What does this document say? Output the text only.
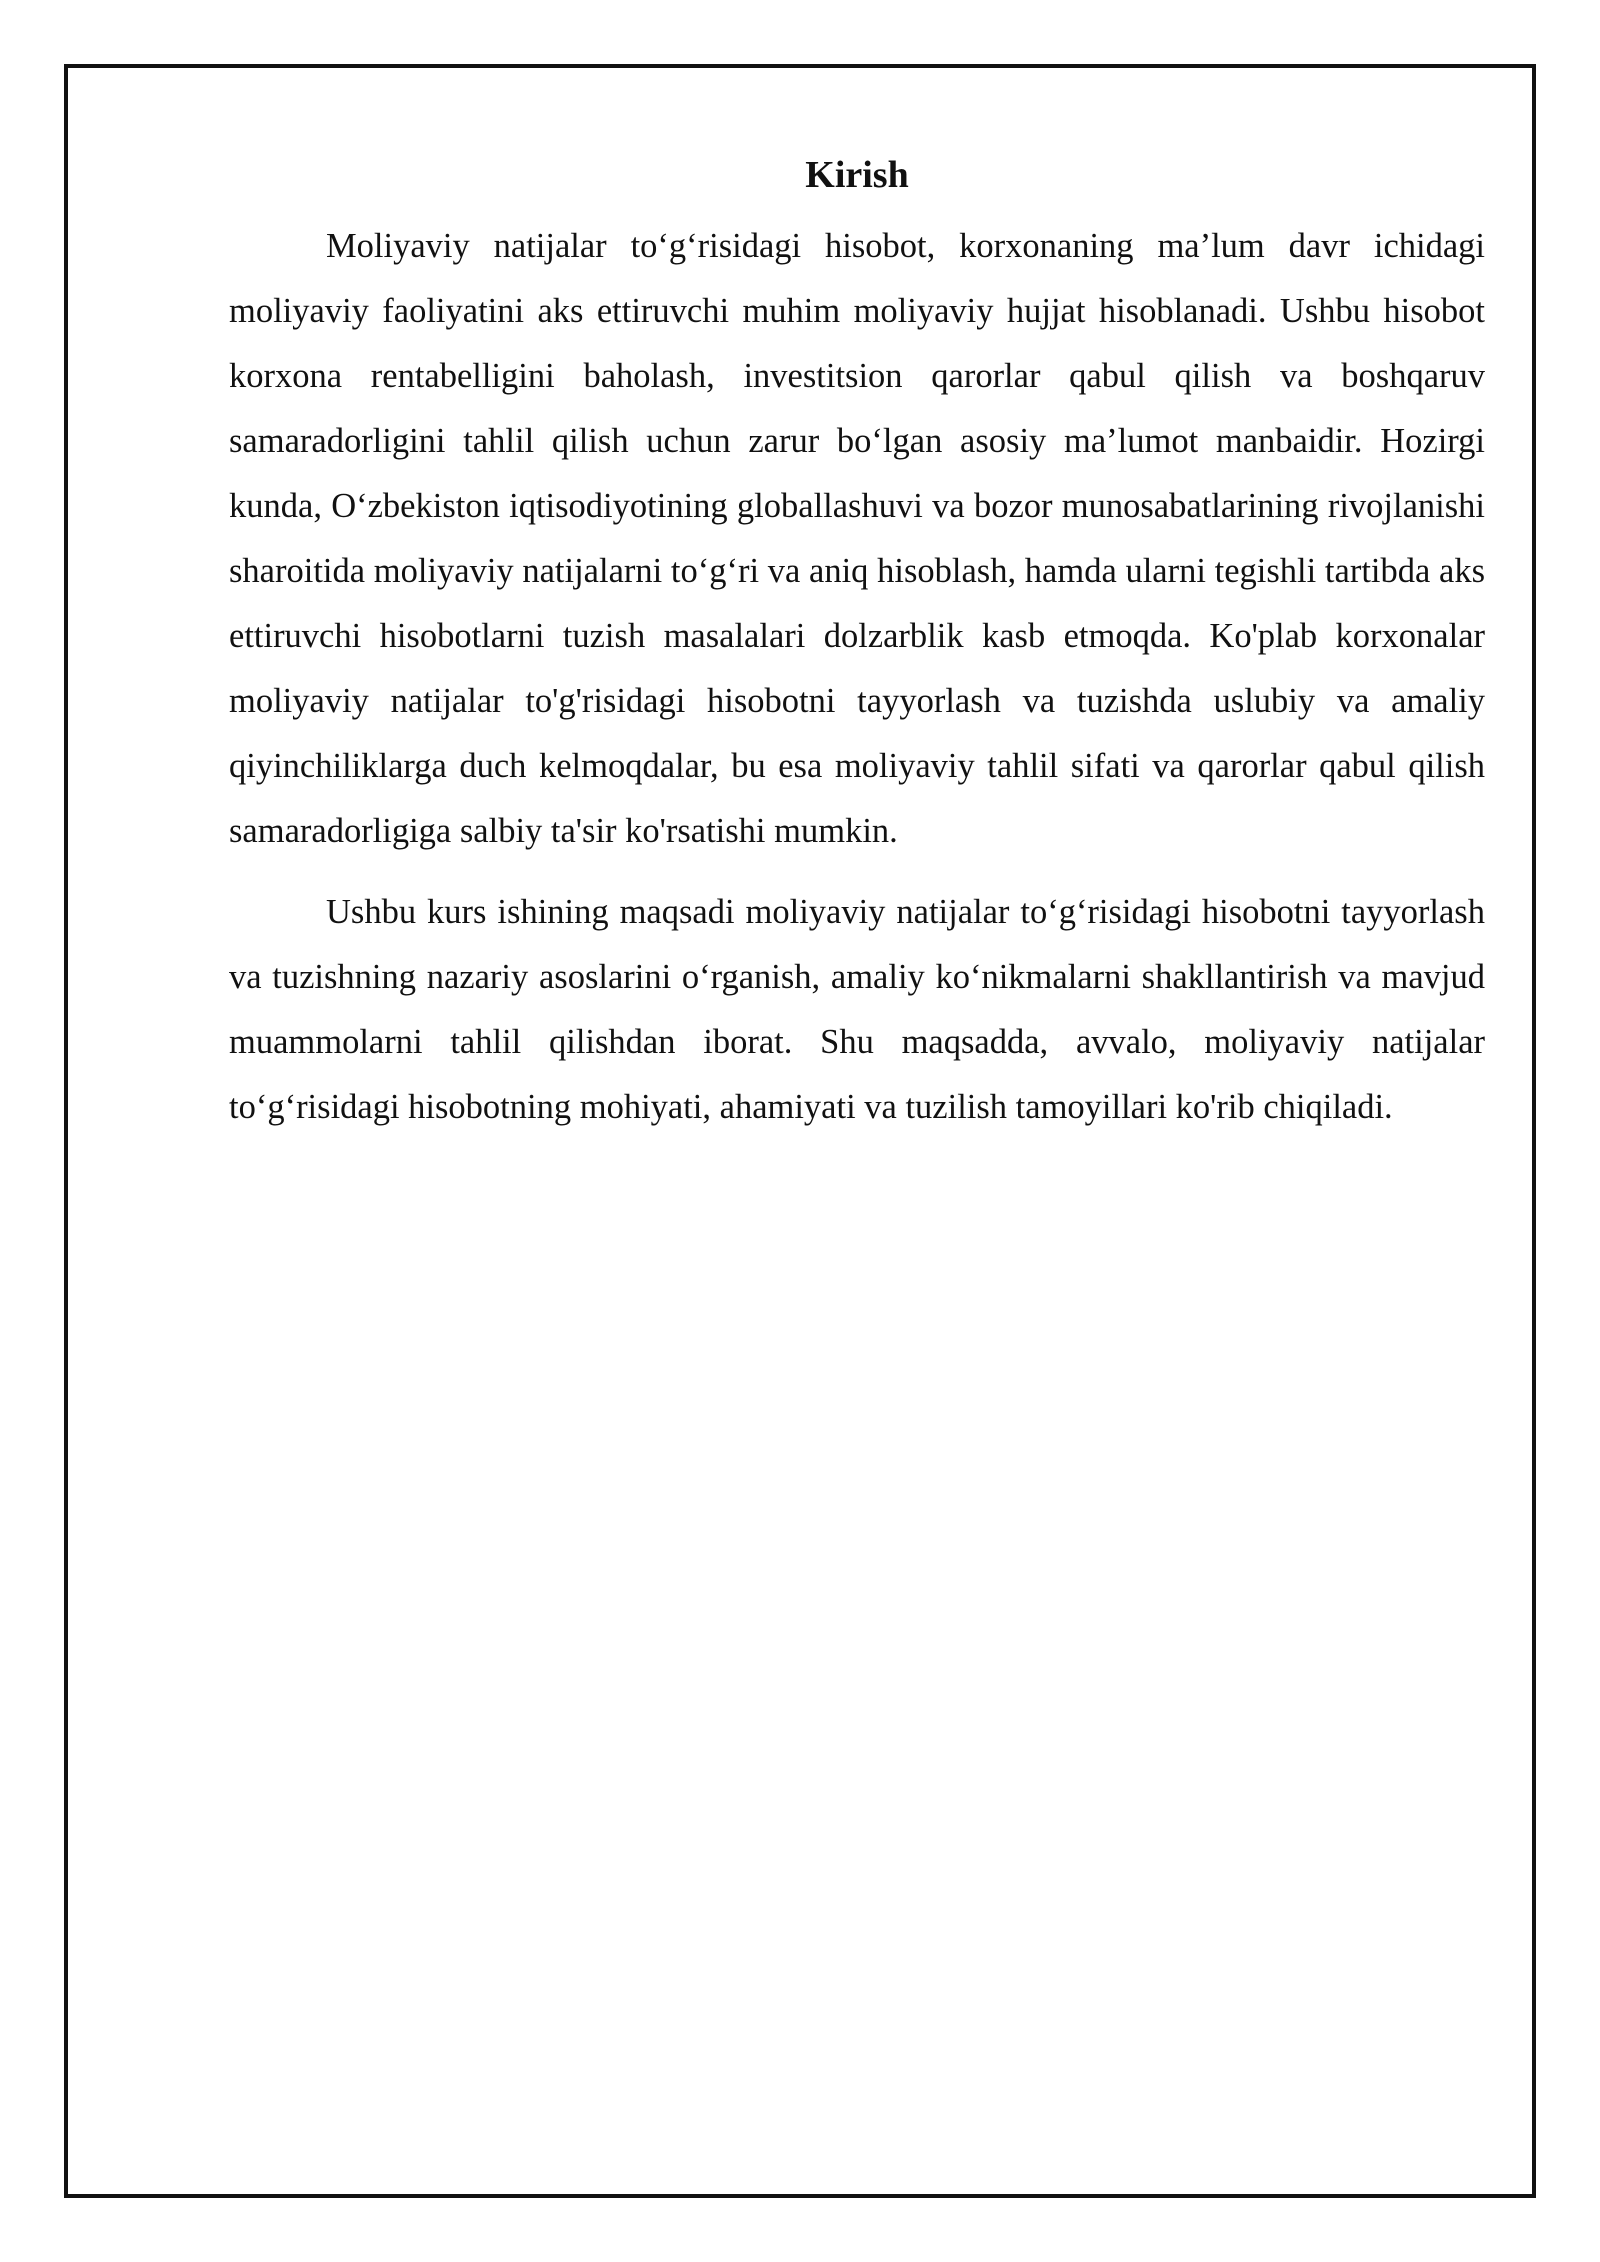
Kirish

Moliyaviy natijalar to‘g‘risidagi hisobot, korxonaning ma’lum davr ichidagi moliyaviy faoliyatini aks ettiruvchi muhim moliyaviy hujjat hisoblanadi. Ushbu hisobot korxona rentabelligini baholash, investitsion qarorlar qabul qilish va boshqaruv samaradorligini tahlil qilish uchun zarur bo‘lgan asosiy ma’lumot manbaidir. Hozirgi kunda, O‘zbekiston iqtisodiyotining globallashuvi va bozor munosabatlarining rivojlanishi sharoitida moliyaviy natijalarni to‘g‘ri va aniq hisoblash, hamda ularni tegishli tartibda aks ettiruvchi hisobotlarni tuzish masalalari dolzarblik kasb etmoqda. Ko'plab korxonalar moliyaviy natijalar to'g'risidagi hisobotni tayyorlash va tuzishda uslubiy va amaliy qiyinchiliklarga duch kelmoqdalar, bu esa moliyaviy tahlil sifati va qarorlar qabul qilish samaradorligiga salbiy ta'sir ko'rsatishi mumkin.

Ushbu kurs ishining maqsadi moliyaviy natijalar to‘g‘risidagi hisobotni tayyorlash va tuzishning nazariy asoslarini o‘rganish, amaliy ko‘nikmalarni shakllantirish va mavjud muammolarni tahlil qilishdan iborat. Shu maqsadda, avvalo, moliyaviy natijalar to‘g‘risidagi hisobotning mohiyati, ahamiyati va tuzilish tamoyillari ko'rib chiqiladi.
